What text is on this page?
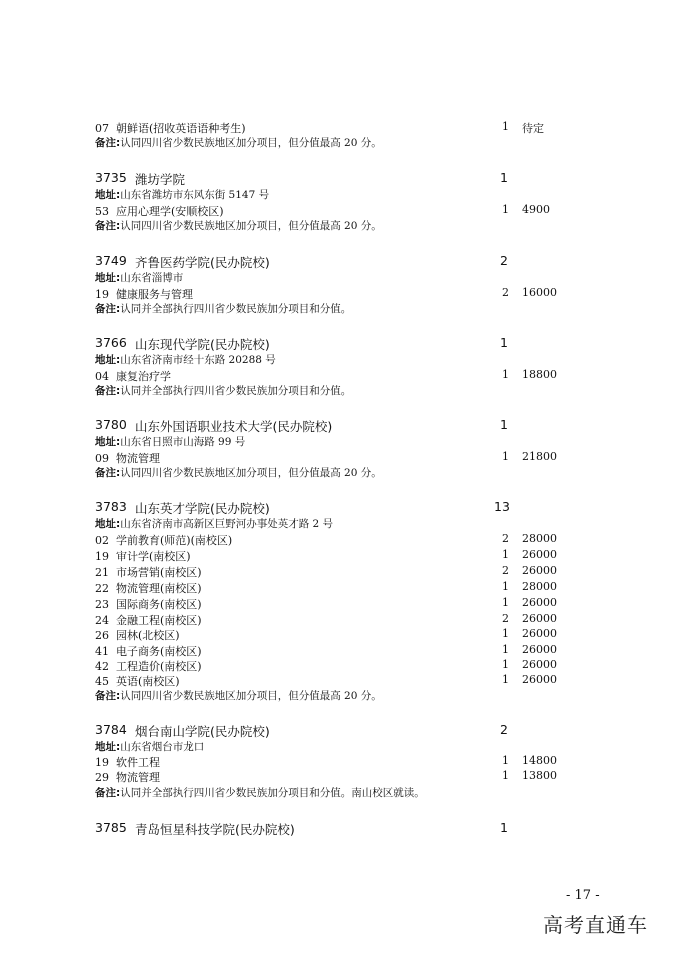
07 朝鲜语(招收英语语种考生)	1 待定
备注:认同四川省少数民族地区加分项目，但分值最高 20 分。
3735 潍坊学院	1
地址:山东省潍坊市东风东街 5147 号
53 应用心理学(安顺校区)	1 4900
备注:认同四川省少数民族地区加分项目，但分值最高 20 分。
3749 齐鲁医药学院(民办院校)	2
地址:山东省淄博市
19 健康服务与管理	2 16000
备注:认同并全部执行四川省少数民族加分项目和分值。
3766 山东现代学院(民办院校)	1
地址:山东省济南市经十东路 20288 号
04 康复治疗学	1 18800
备注:认同并全部执行四川省少数民族加分项目和分值。
3780 山东外国语职业技术大学(民办院校)	1
地址:山东省日照市山海路 99 号
09 物流管理	1 21800
备注:认同四川省少数民族地区加分项目，但分值最高 20 分。
3783 山东英才学院(民办院校)	13
地址:山东省济南市高新区巨野河办事处英才路 2 号
02 学前教育(师范)(南校区)	2 28000
19 审计学(南校区)	1 26000
21 市场营销(南校区)	2 26000
22 物流管理(南校区)	1 28000
23 国际商务(南校区)	1 26000
24 金融工程(南校区)	2 26000
26 园林(北校区)	1 26000
41 电子商务(南校区)	1 26000
42 工程造价(南校区)	1 26000
45 英语(南校区)	1 26000
备注:认同四川省少数民族地区加分项目，但分值最高 20 分。
3784 烟台南山学院(民办院校)	2
地址:山东省烟台市龙口
19 软件工程	1 14800
29 物流管理	1 13800
备注:认同并全部执行四川省少数民族加分项目和分值。南山校区就读。
3785 青岛恒星科技学院(民办院校)	1
- 17 -
高考直通车
